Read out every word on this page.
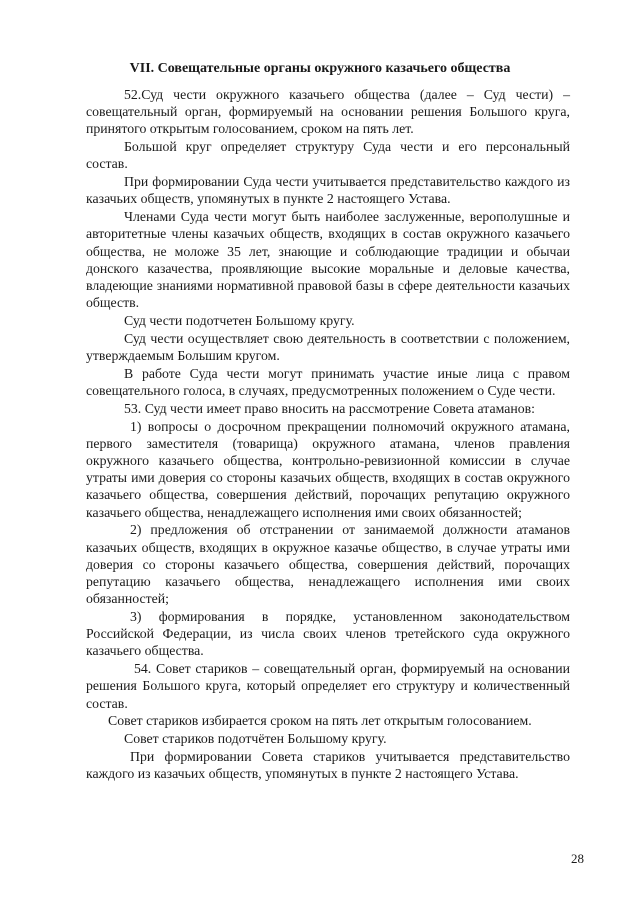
VII. Совещательные органы окружного казачьего общества

52.Суд чести окружного казачьего общества (далее – Суд чести) – совещательный орган, формируемый на основании решения Большого круга, принятого открытым голосованием, сроком на пять лет.

Большой круг определяет структуру Суда чести и его персональный состав.

При формировании Суда чести учитывается представительство каждого из казачьих обществ, упомянутых в пункте 2 настоящего Устава.

Членами Суда чести могут быть наиболее заслуженные, верополушные и авторитетные члены казачьих обществ, входящих в состав окружного казачьего общества, не моложе 35 лет, знающие и соблюдающие традиции и обычаи донского казачества, проявляющие высокие моральные и деловые качества, владеющие знаниями нормативной правовой базы в сфере деятельности казачьих обществ.

Суд чести подотчетен Большому кругу.

Суд чести осуществляет свою деятельность в соответствии с положением, утверждаемым Большим кругом.

В работе Суда чести могут принимать участие иные лица с правом совещательного голоса, в случаях, предусмотренных положением о Суде чести.

53. Суд чести имеет право вносить на рассмотрение Совета атаманов:

1) вопросы о досрочном прекращении полномочий окружного атамана, первого заместителя (товарища) окружного атамана, членов правления окружного казачьего общества, контрольно-ревизионной комиссии в случае утраты ими доверия со стороны казачьих обществ, входящих в состав окружного казачьего общества, совершения действий, порочащих репутацию окружного казачьего общества, ненадлежащего исполнения ими своих обязанностей;

2) предложения об отстранении от занимаемой должности атаманов казачьих обществ, входящих в окружное казачье общество, в случае утраты ими доверия со стороны казачьего общества, совершения действий, порочащих репутацию казачьего общества, ненадлежащего исполнения ими своих обязанностей;

3) формирования в порядке, установленном законодательством Российской Федерации, из числа своих членов третейского суда окружного казачьего общества.

54. Совет стариков – совещательный орган, формируемый на основании решения Большого круга, который определяет его структуру и количественный состав.

Совет стариков избирается сроком на пять лет открытым голосованием.

Совет стариков подотчётен Большому кругу.

При формировании Совета стариков учитывается представительство каждого из казачьих обществ, упомянутых в пункте 2 настоящего Устава.

28
